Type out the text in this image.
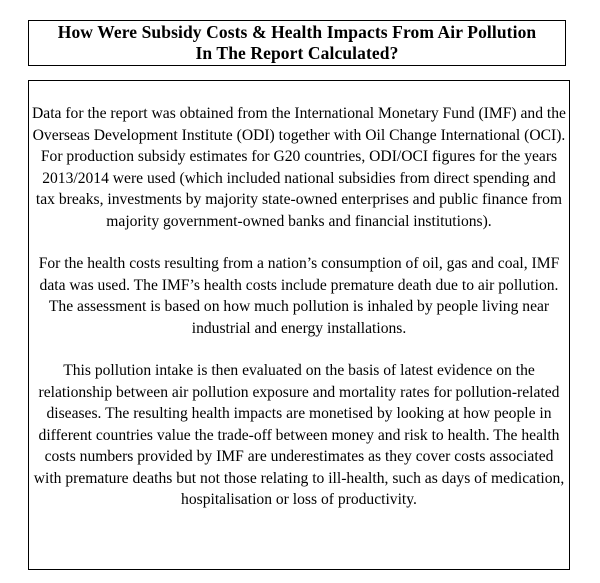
How Were Subsidy Costs & Health Impacts From Air Pollution
In The Report Calculated?

Data for the report was obtained from the International Monetary Fund (IMF) and the Overseas Development Institute (ODI) together with Oil Change International (OCI). For production subsidy estimates for G20 countries, ODI/OCI figures for the years 2013/2014 were used (which included national subsidies from direct spending and tax breaks, investments by majority state-owned enterprises and public finance from majority government-owned banks and financial institutions).

For the health costs resulting from a nation’s consumption of oil, gas and coal, IMF data was used. The IMF’s health costs include premature death due to air pollution. The assessment is based on how much pollution is inhaled by people living near industrial and energy installations.

This pollution intake is then evaluated on the basis of latest evidence on the relationship between air pollution exposure and mortality rates for pollution-related diseases. The resulting health impacts are monetised by looking at how people in different countries value the trade-off between money and risk to health. The health costs numbers provided by IMF are underestimates as they cover costs associated with premature deaths but not those relating to ill-health, such as days of medication, hospitalisation or loss of productivity.
